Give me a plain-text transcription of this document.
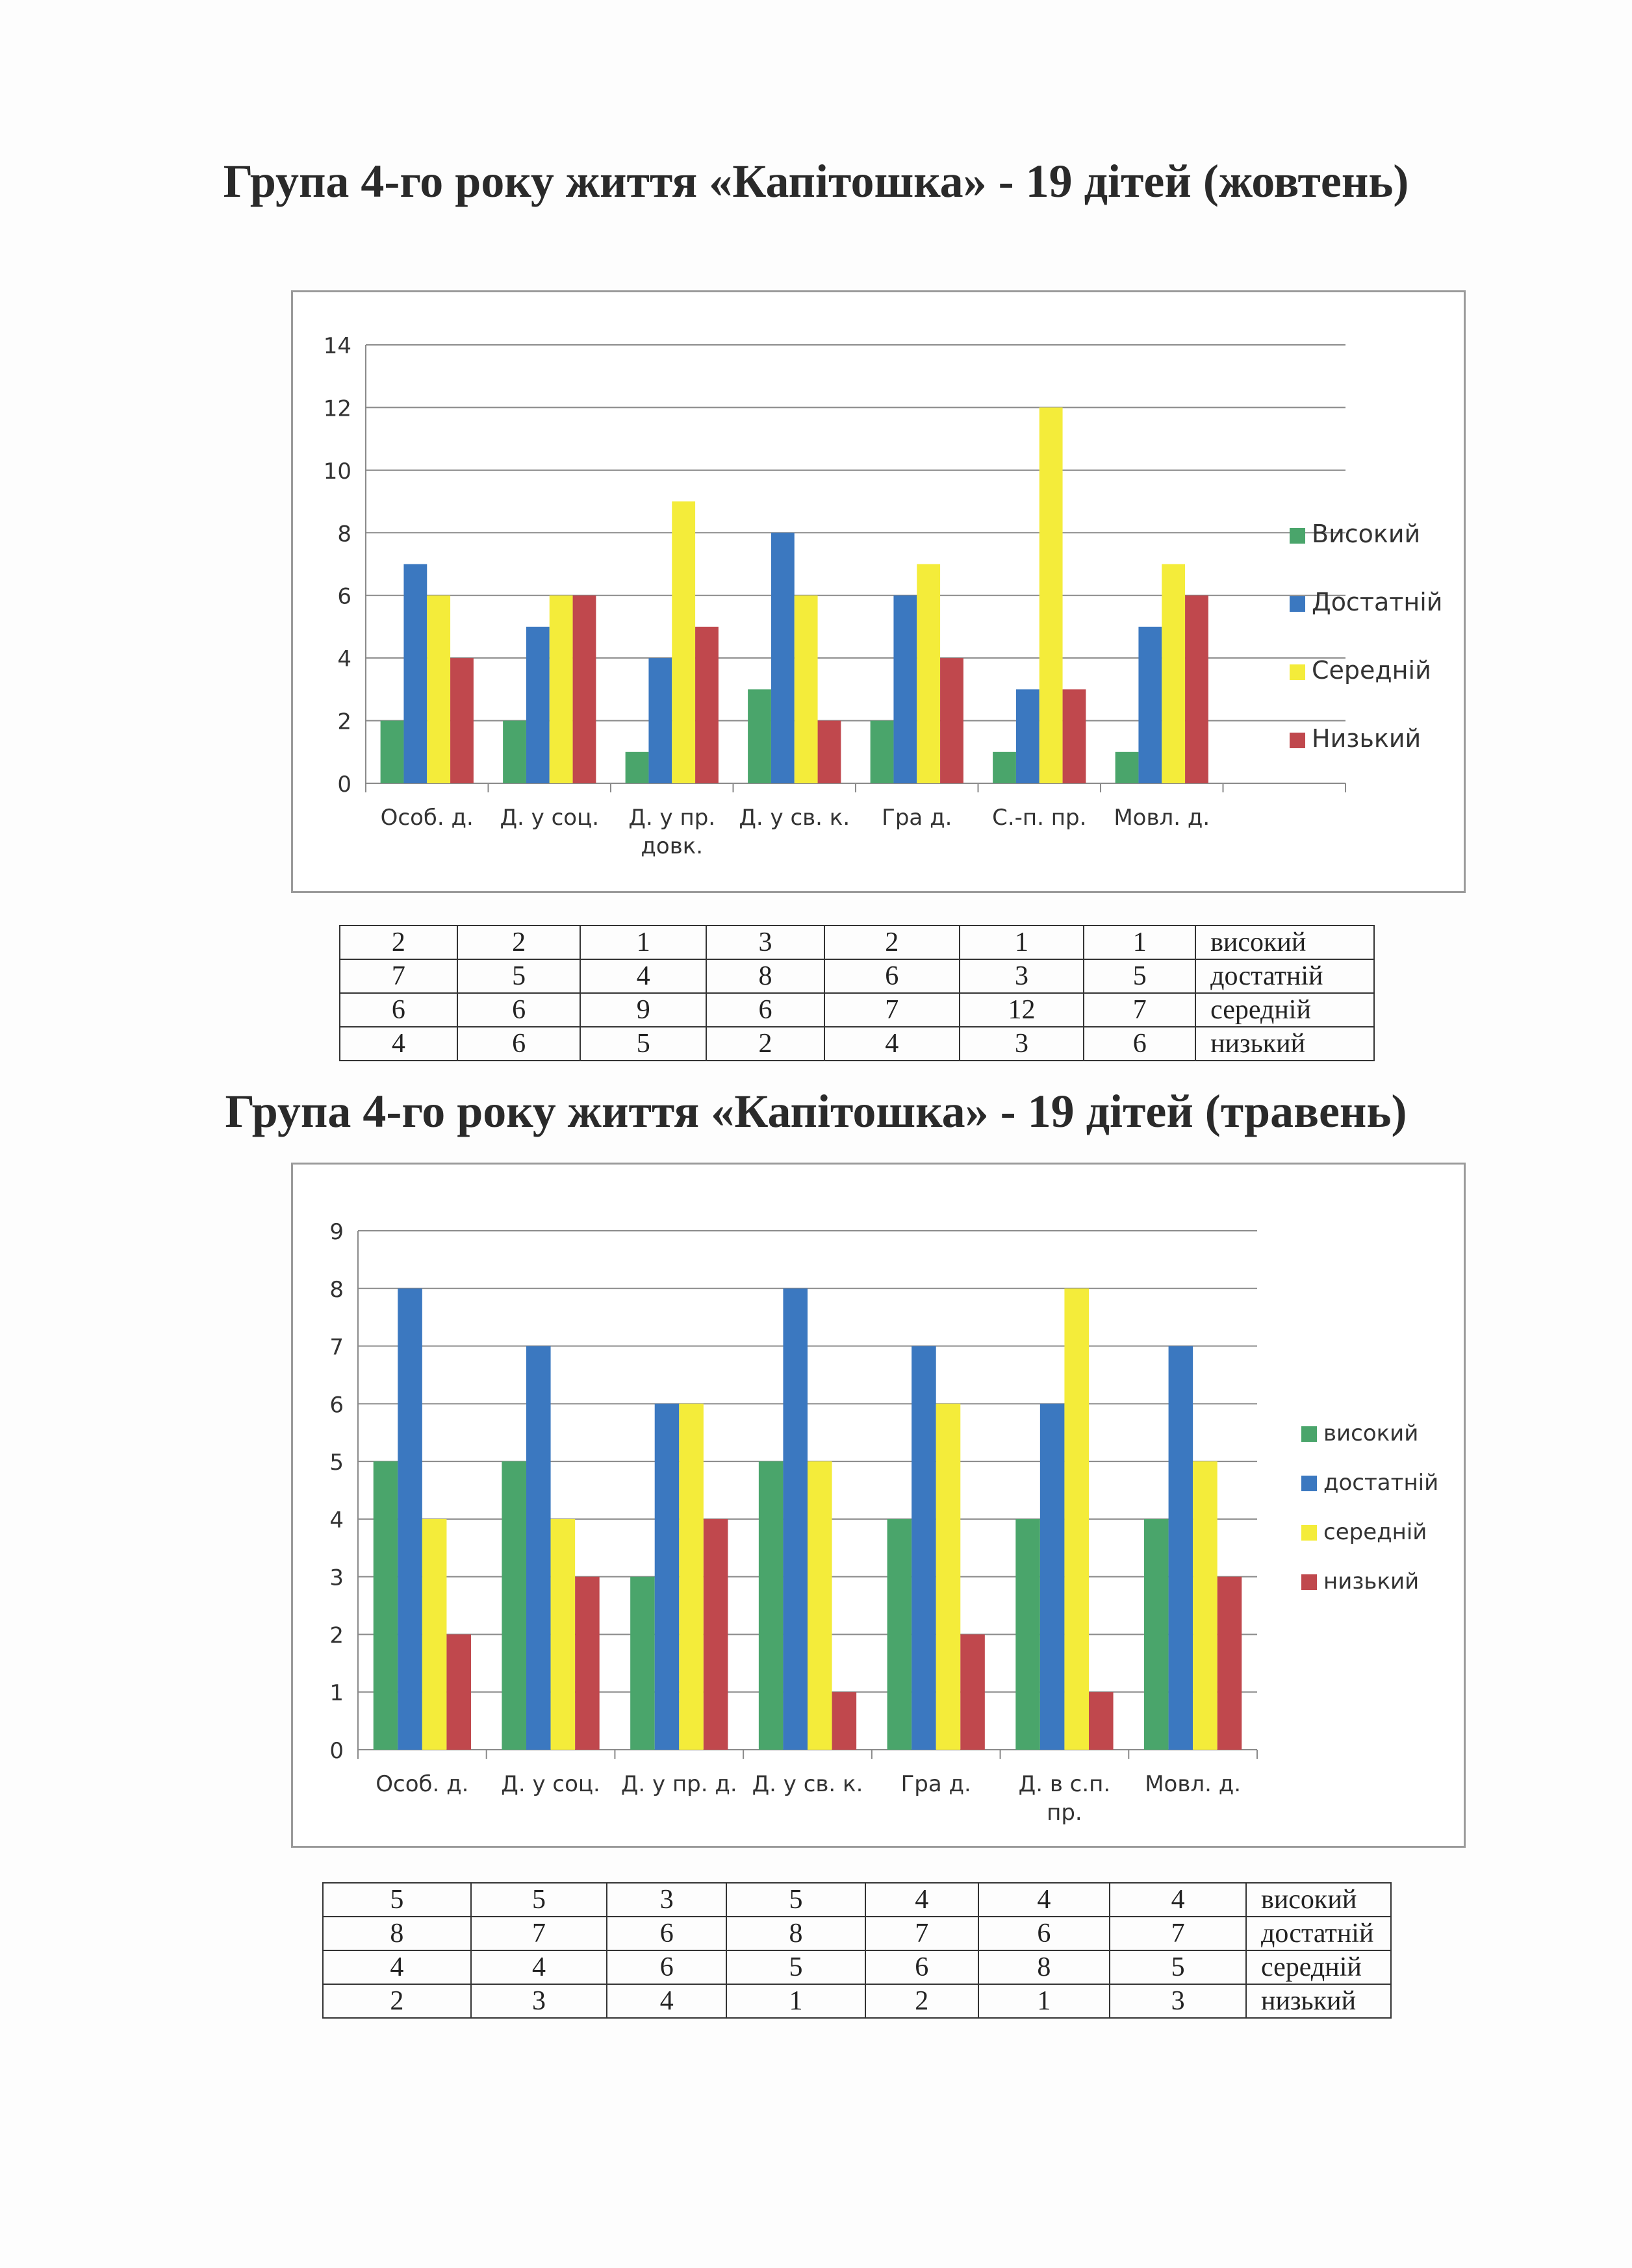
Група 4-го року життя «Капітошка» - 19 дітей (жовтень)
0
2
4
6
8
10
12
14
Особ. д. Д. у соц. Д. у пр. довк.
Д. у св. к. Гра д. С.-п. пр. Мовл. д.
Високий
Достатній
Середній
Низький
2	2	1	3	2	1	1	високий
7	5	4	8	6	3	5	достатній
6	6	9	6	7	12	7	середній
4	6	5	2	4	3	6	низький
Група 4-го року життя «Капітошка» - 19 дітей (травень)
0
1
2
3
4
5
6
7
8
9
Особ. д. Д. у соц. Д. у пр. д. Д. у св. к. Гра д. Д. в с.п. пр.
Мовл. д.
високий
достатній
середній
низький
5	5	3	5	4	4	4	високий
8	7	6	8	7	6	7	достатній
4	4	6	5	6	8	5	середній
2	3	4	1	2	1	3	низький
